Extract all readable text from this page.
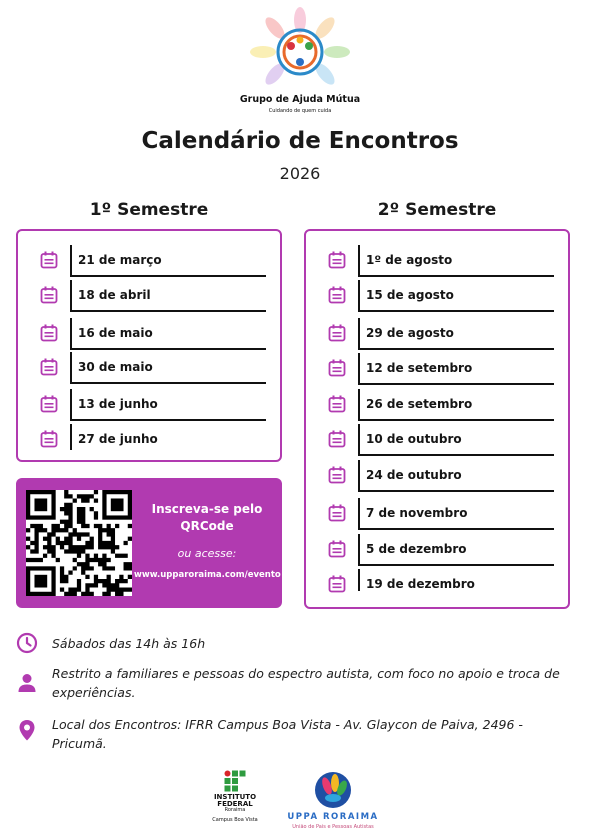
Grupo de Ajuda Mútua
Cuidando de quem cuida
Calendário de Encontros
2026
1º Semestre	2º Semestre
21 de março
18 de abril
16 de maio
30 de maio
13 de junho
27 de junho
1º de agosto
15 de agosto
29 de agosto
12 de setembro
26 de setembro
10 de outubro
24 de outubro
7 de novembro
5 de dezembro
19 de dezembro
Inscreva-se pelo QRCode
ou acesse:
www.upparoraima.com/evento
Sábados das 14h às 16h
Restrito a familiares e pessoas do espectro autista, com foco no apoio e troca de experiências.
Local dos Encontros: IFRR Campus Boa Vista - Av. Glaycon de Paiva, 2496 - Pricumã.
INSTITUTO FEDERAL
Roraima
Campus Boa Vista	UPPA RORAIMA
União de Pais e Pessoas Autistas
